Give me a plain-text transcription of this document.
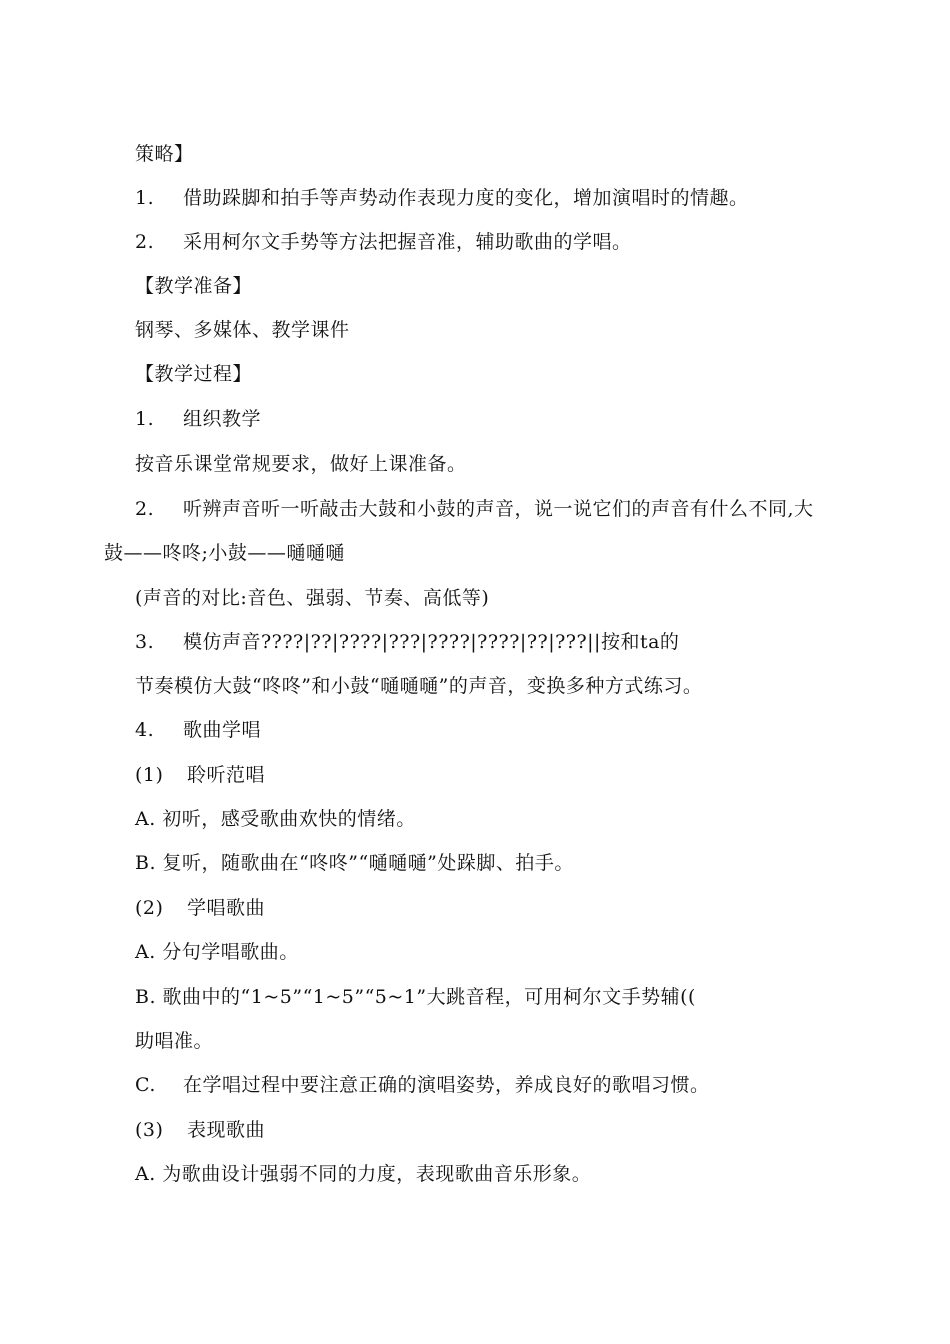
策略】
1. 借助跺脚和拍手等声势动作表现力度的变化，增加演唱时的情趣。
2. 采用柯尔文手势等方法把握音准，辅助歌曲的学唱。
【教学准备】
钢琴、多媒体、教学课件
【教学过程】
1. 组织教学
按音乐课堂常规要求，做好上课准备。
2. 听辨声音听一听敲击大鼓和小鼓的声音，说一说它们的声音有什么不同,大
鼓——咚咚;小鼓——嗵嗵嗵
(声音的对比:音色、强弱、节奏、高低等)
3. 模仿声音????|??|????|???|????|????|??|???||按和ta的
节奏模仿大鼓“咚咚”和小鼓“嗵嗵嗵”的声音，变换多种方式练习。
4. 歌曲学唱
(1) 聆听范唱
A. 初听，感受歌曲欢快的情绪。
B. 复听，随歌曲在“咚咚”“嗵嗵嗵”处跺脚、拍手。
(2) 学唱歌曲
A. 分句学唱歌曲。
B. 歌曲中的“1~5”“1~5”“5~1”大跳音程，可用柯尔文手势辅((
助唱准。
C. 在学唱过程中要注意正确的演唱姿势，养成良好的歌唱习惯。
(3) 表现歌曲
A. 为歌曲设计强弱不同的力度，表现歌曲音乐形象。
